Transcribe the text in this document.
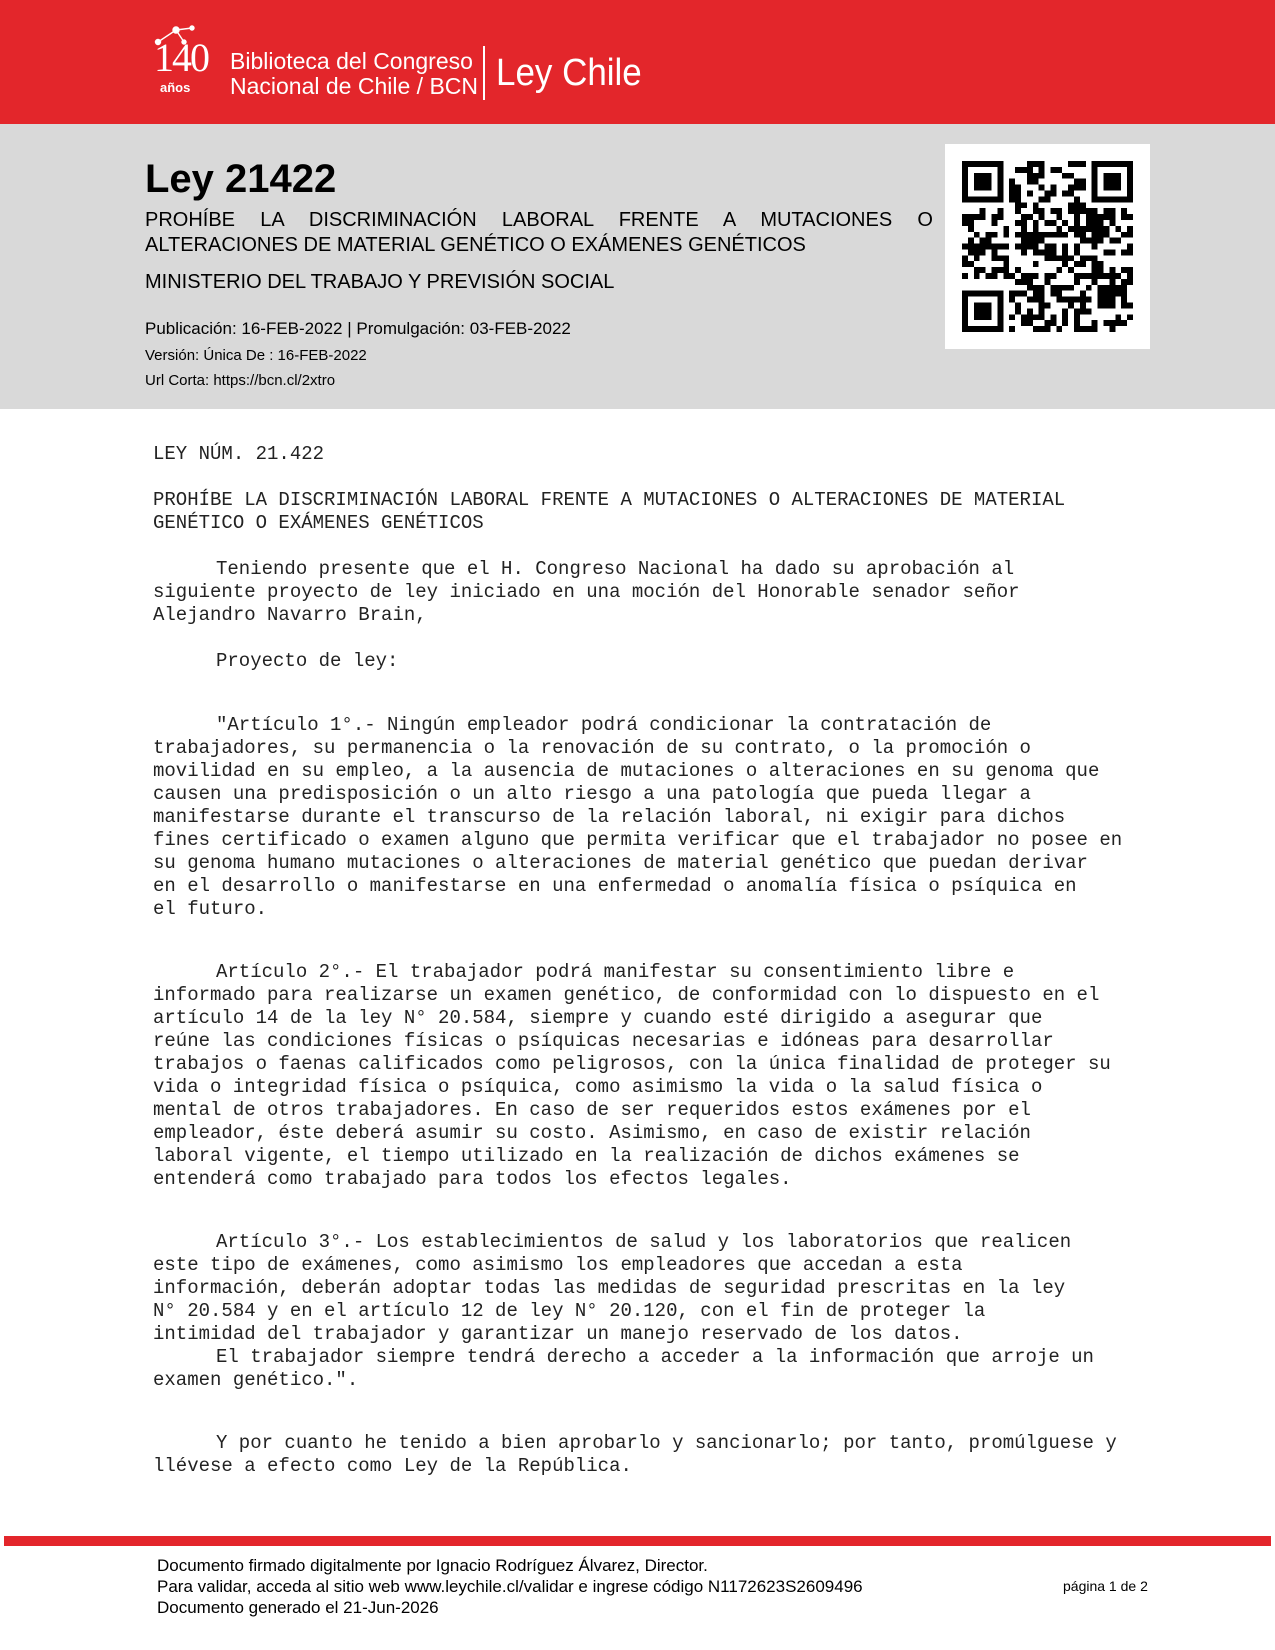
140
años
Biblioteca del Congreso
Nacional de Chile / BCN Ley Chile
Ley 21422
PROHÍBE LA DISCRIMINACIÓN LABORAL FRENTE A MUTACIONES O ALTERACIONES DE MATERIAL GENÉTICO O EXÁMENES GENÉTICOS
MINISTERIO DEL TRABAJO Y PREVISIÓN SOCIAL
Publicación: 16-FEB-2022 | Promulgación: 03-FEB-2022
Versión: Única De : 16-FEB-2022
Url Corta: https://bcn.cl/2xtro

LEY NÚM. 21.422

PROHÍBE LA DISCRIMINACIÓN LABORAL FRENTE A MUTACIONES O ALTERACIONES DE MATERIAL

GENÉTICO O EXÁMENES GENÉTICOS

Teniendo presente que el H. Congreso Nacional ha dado su aprobación al

siguiente proyecto de ley iniciado en una moción del Honorable senador señor

Alejandro Navarro Brain,

Proyecto de ley:

"Artículo 1°.- Ningún empleador podrá condicionar la contratación de

trabajadores, su permanencia o la renovación de su contrato, o la promoción o

movilidad en su empleo, a la ausencia de mutaciones o alteraciones en su genoma que

causen una predisposición o un alto riesgo a una patología que pueda llegar a

manifestarse durante el transcurso de la relación laboral, ni exigir para dichos

fines certificado o examen alguno que permita verificar que el trabajador no posee en

su genoma humano mutaciones o alteraciones de material genético que puedan derivar

en el desarrollo o manifestarse en una enfermedad o anomalía física o psíquica en

el futuro.

Artículo 2°.- El trabajador podrá manifestar su consentimiento libre e

informado para realizarse un examen genético, de conformidad con lo dispuesto en el

artículo 14 de la ley N° 20.584, siempre y cuando esté dirigido a asegurar que

reúne las condiciones físicas o psíquicas necesarias e idóneas para desarrollar

trabajos o faenas calificados como peligrosos, con la única finalidad de proteger su

vida o integridad física o psíquica, como asimismo la vida o la salud física o

mental de otros trabajadores. En caso de ser requeridos estos exámenes por el

empleador, éste deberá asumir su costo. Asimismo, en caso de existir relación

laboral vigente, el tiempo utilizado en la realización de dichos exámenes se

entenderá como trabajado para todos los efectos legales.

Artículo 3°.- Los establecimientos de salud y los laboratorios que realicen

este tipo de exámenes, como asimismo los empleadores que accedan a esta

información, deberán adoptar todas las medidas de seguridad prescritas en la ley

N° 20.584 y en el artículo 12 de ley N° 20.120, con el fin de proteger la

intimidad del trabajador y garantizar un manejo reservado de los datos.

El trabajador siempre tendrá derecho a acceder a la información que arroje un

examen genético.".

Y por cuanto he tenido a bien aprobarlo y sancionarlo; por tanto, promúlguese y

llévese a efecto como Ley de la República.

Documento firmado digitalmente por Ignacio Rodríguez Álvarez, Director.
Para validar, acceda al sitio web www.leychile.cl/validar e ingrese código N1172623S2609496
Documento generado el 21-Jun-2026
página 1 de 2
